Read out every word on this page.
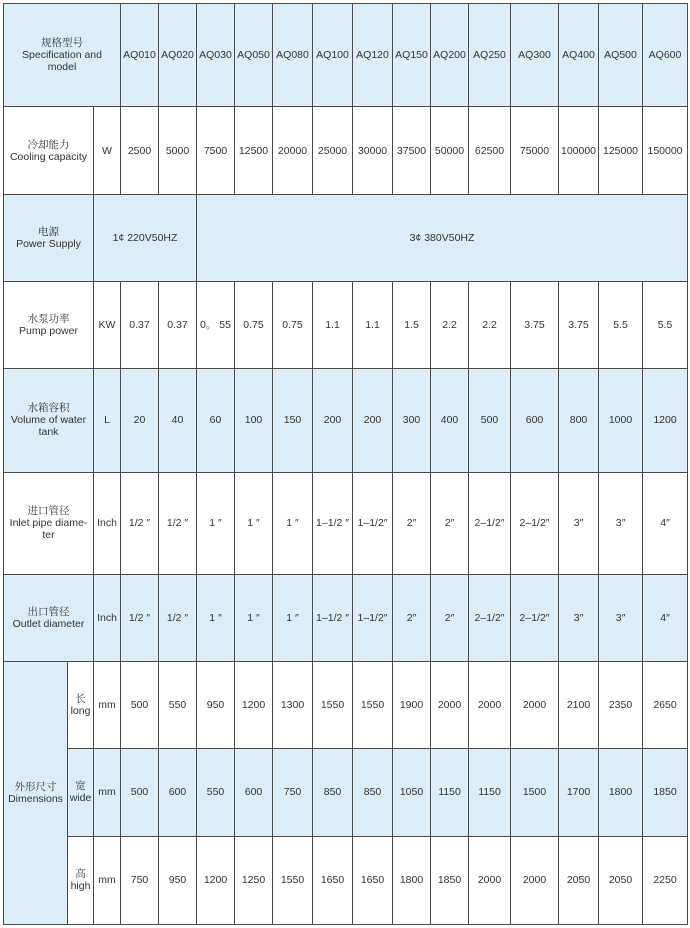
规格型号
Specification and
model			AQ010	AQ020	AQ030	AQ050	AQ080	AQ100	AQ120	AQ150	AQ200	AQ250	AQ300	AQ400	AQ500	AQ600

冷却能力
Cooling capacity		W	2500	5000	7500	12500	20000	25000	30000	37500	50000	62500	75000	100000	125000	150000

电源
Power Supply		1¢ 220V50HZ			3¢ 380V50HZ											

水泵功率
Pump power		KW	0.37	0.37	0。 55	0.75	0.75	1.1	1.1	1.5	2.2	2.2	3.75	3.75	5.5	5.5

水箱容积
Volume of water
tank		L	20	40	60	100	150	200	200	300	400	500	600	800	1000	1200

进口管径
Inlet pipe diame-
ter		Inch	1/2 ″	1/2 ″	1 ″	1 ″	1 ″	1–1/2 ″	1–1/2″	2″	2″	2–1/2″	2–1/2″	3″	3″	4″

出口管径
Outlet diameter		Inch	1/2 ″	1/2 ″	1 ″	1 ″	1 ″	1–1/2 ″	1–1/2″	2″	2″	2–1/2″	2–1/2″	3″	3″	4″

外形尺寸
Dimensions	长
long	mm	500	550	950	1200	1300	1550	1550	1900	2000	2000	2000	2100	2350	2650

	宽
wide	mm	500	600	550	600	750	850	850	1050	1150	1150	1500	1700	1800	1850

	高
high	mm	750	950	1200	1250	1550	1650	1650	1800	1850	2000	2000	2050	2050	2250
